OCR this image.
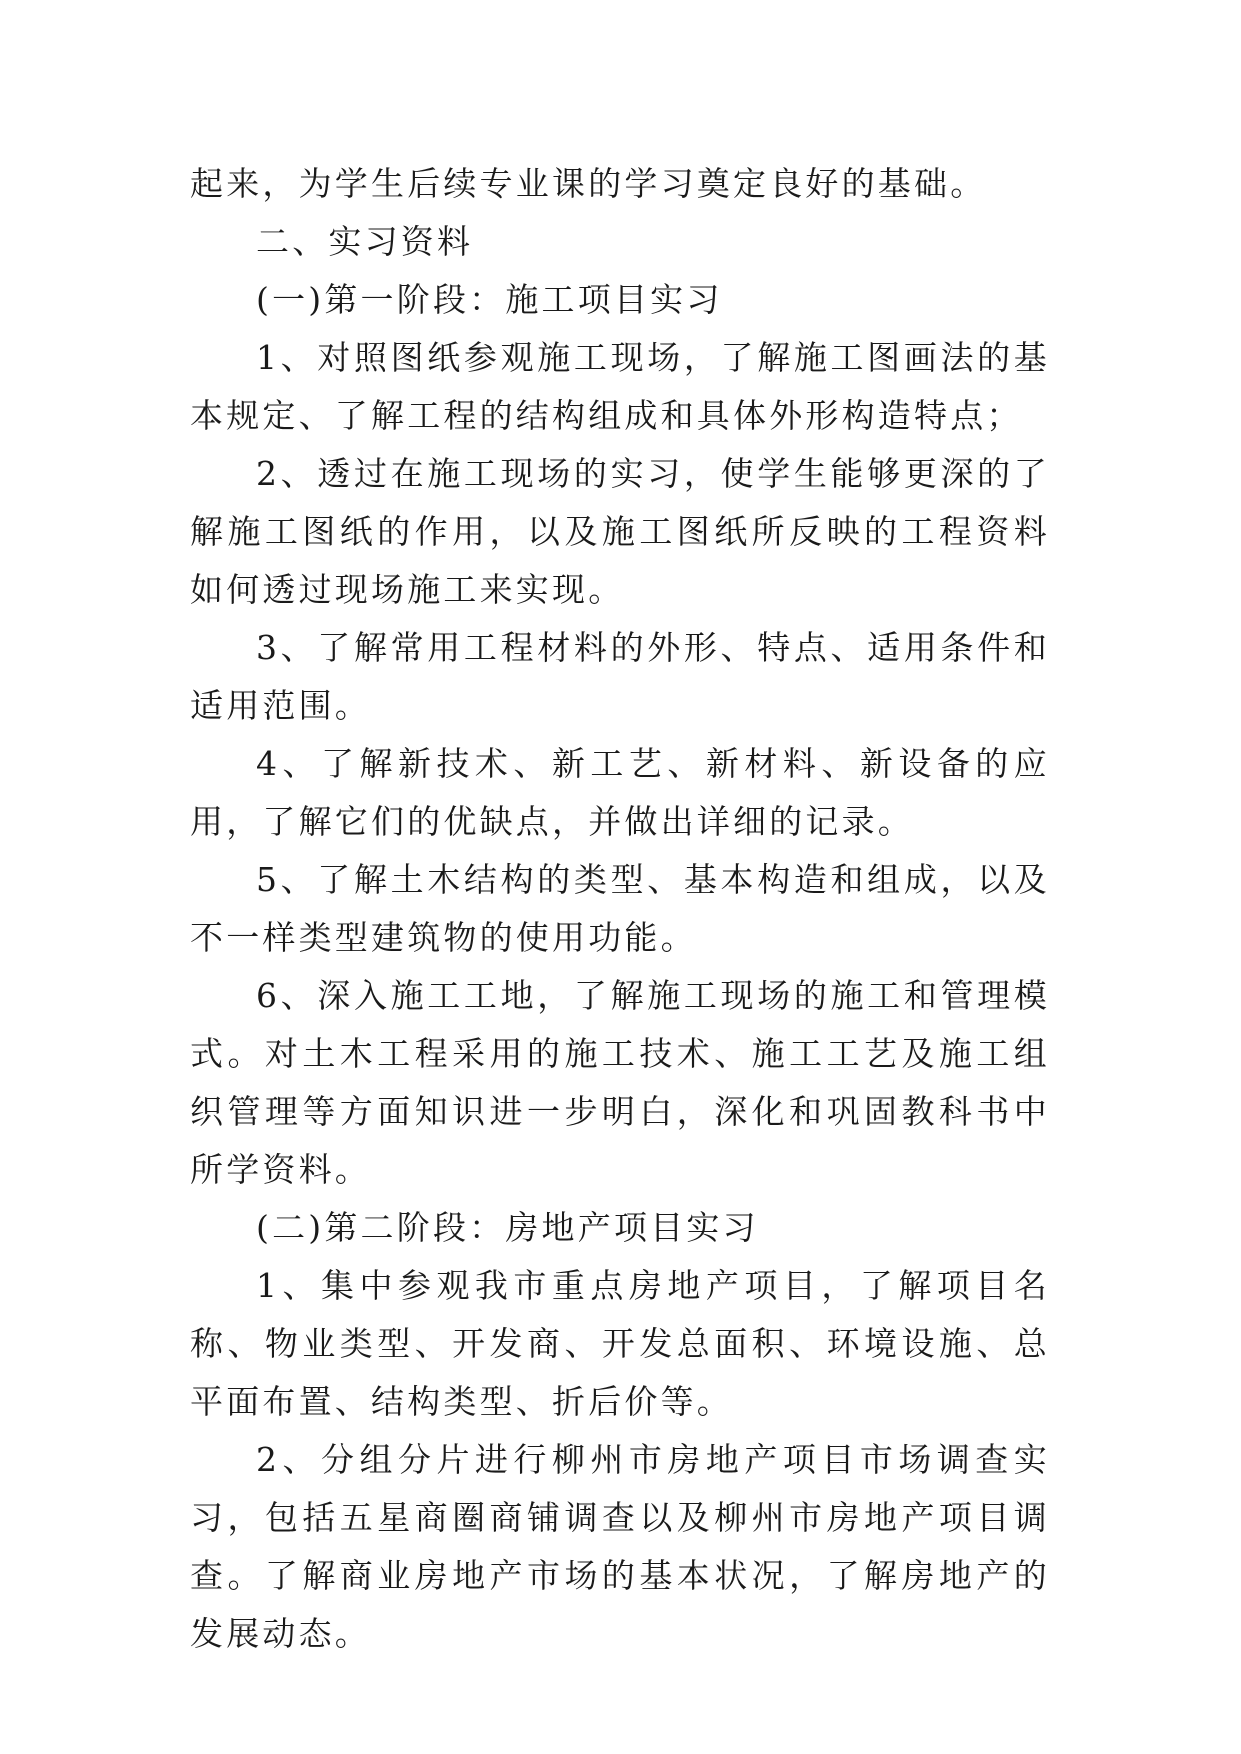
起来，为学生后续专业课的学习奠定良好的基础。

二、实习资料

(一)第一阶段：施工项目实习

1、对照图纸参观施工现场，了解施工图画法的基本规定、了解工程的结构组成和具体外形构造特点；

2、透过在施工现场的实习，使学生能够更深的了解施工图纸的作用，以及施工图纸所反映的工程资料如何透过现场施工来实现。

3、了解常用工程材料的外形、特点、适用条件和适用范围。

4、了解新技术、新工艺、新材料、新设备的应用，了解它们的优缺点，并做出详细的记录。

5、了解土木结构的类型、基本构造和组成，以及不一样类型建筑物的使用功能。

6、深入施工工地，了解施工现场的施工和管理模式。对土木工程采用的施工技术、施工工艺及施工组织管理等方面知识进一步明白，深化和巩固教科书中所学资料。

(二)第二阶段：房地产项目实习

1、集中参观我市重点房地产项目，了解项目名称、物业类型、开发商、开发总面积、环境设施、总平面布置、结构类型、折后价等。

2、分组分片进行柳州市房地产项目市场调查实习，包括五星商圈商铺调查以及柳州市房地产项目调查。了解商业房地产市场的基本状况，了解房地产的发展动态。
